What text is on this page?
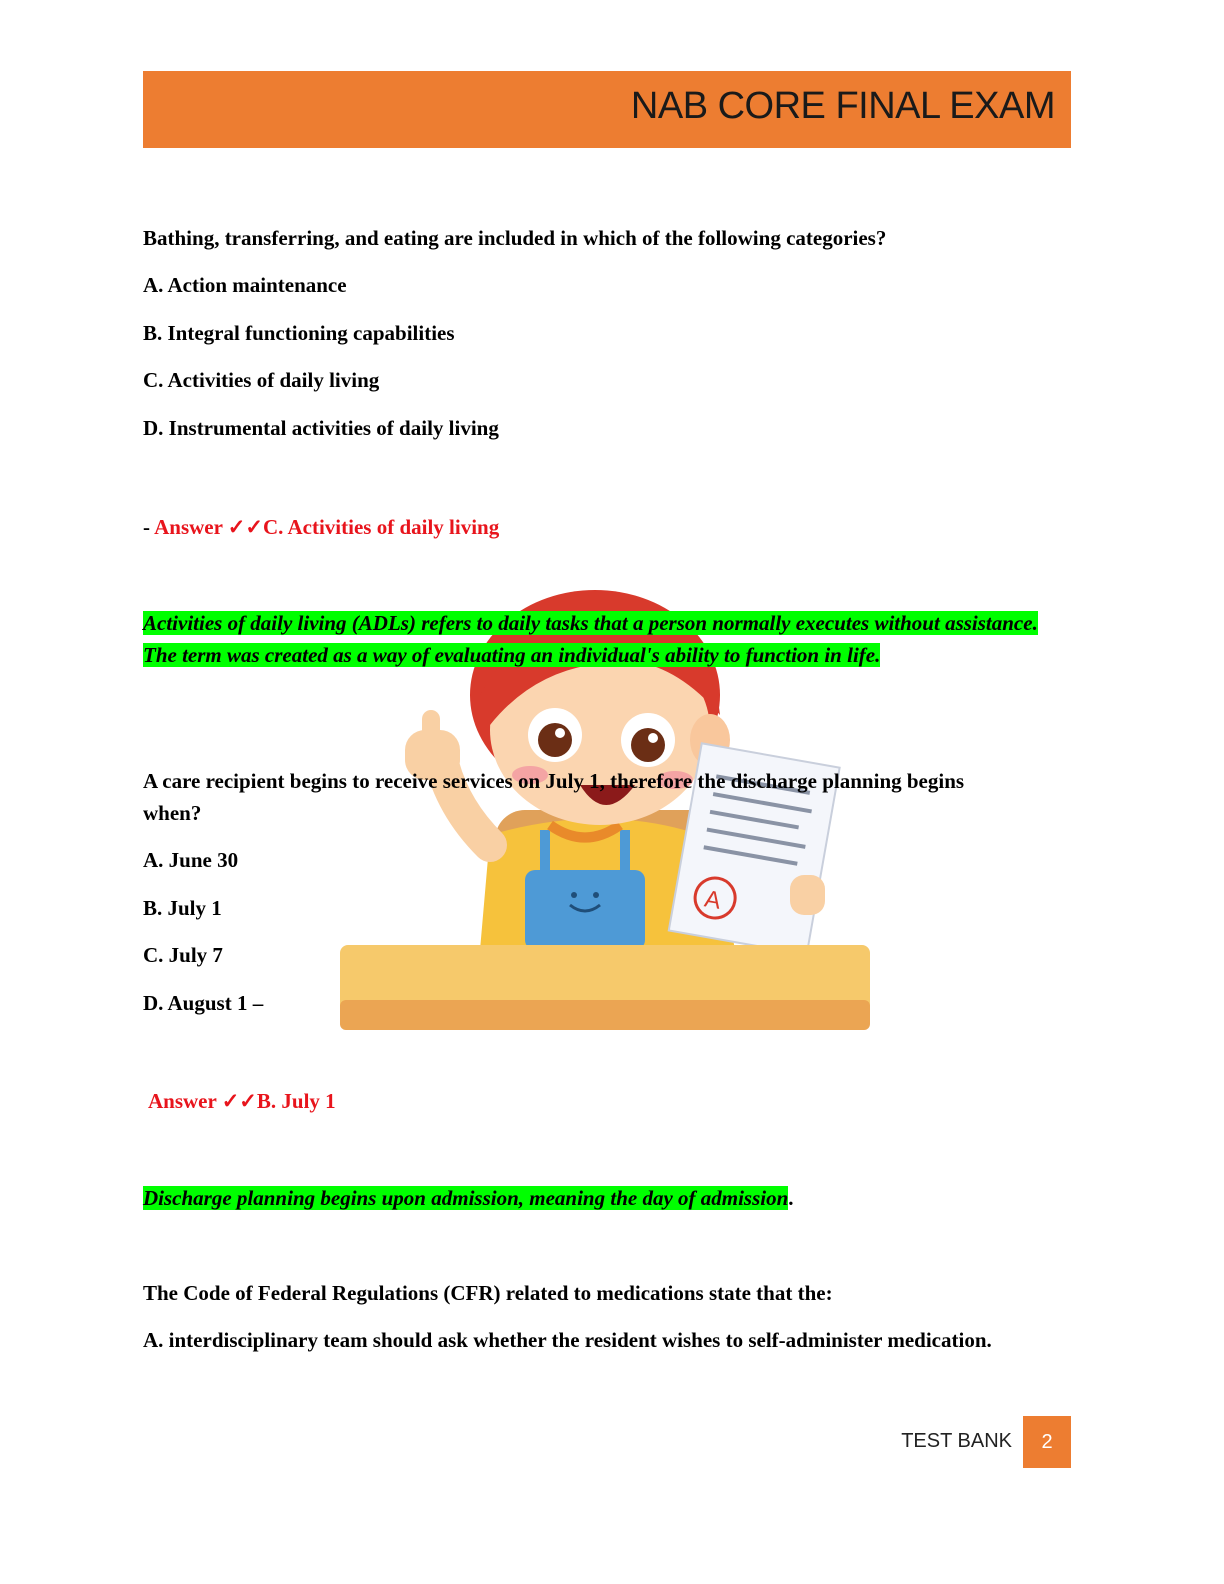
NAB CORE FINAL EXAM
A
Bathing, transferring, and eating are included in which of the following categories?
A. Action maintenance
B. Integral functioning capabilities
C. Activities of daily living
D. Instrumental activities of daily living
- Answer ✓✓C. Activities of daily living
Activities of daily living (ADLs) refers to daily tasks that a person normally executes without assistance. The term was created as a way of evaluating an individual's ability to function in life.
A care recipient begins to receive services on July 1, therefore the discharge planning begins when?
A. June 30
B. July 1
C. July 7
D. August 1 –
Answer ✓✓B. July 1
Discharge planning begins upon admission, meaning the day of admission.
The Code of Federal Regulations (CFR) related to medications state that the:
A. interdisciplinary team should ask whether the resident wishes to self-administer medication.
TEST BANK	2
